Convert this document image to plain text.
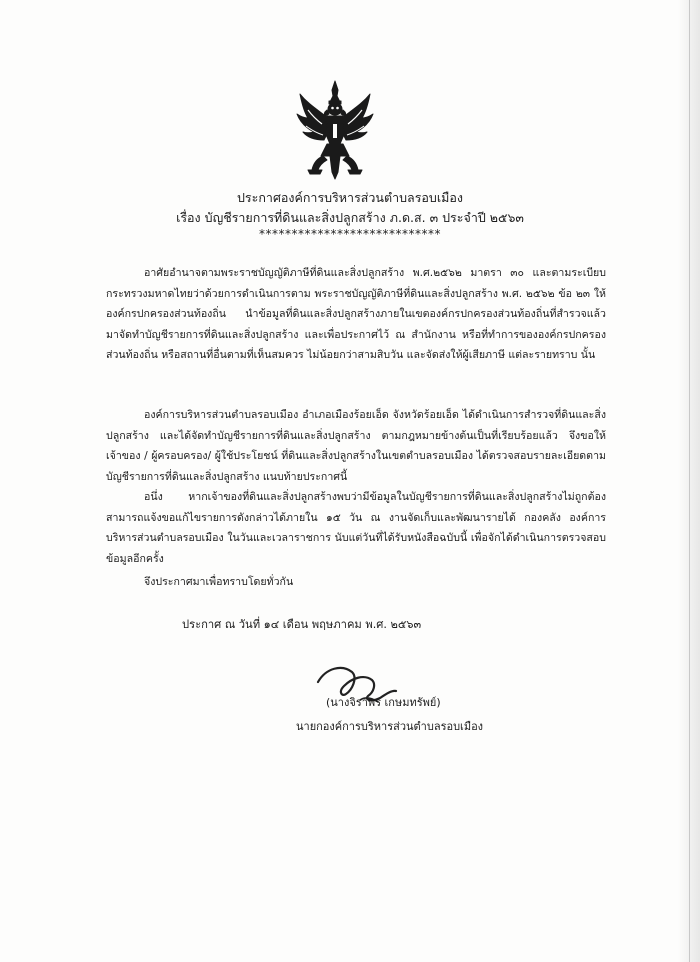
ประกาศองค์การบริหารส่วนตำบลรอบเมือง
เรื่อง บัญชีรายการที่ดินและสิ่งปลูกสร้าง ภ.ด.ส. ๓ ประจำปี ๒๕๖๓
****************************

อาศัยอำนาจตามพระราชบัญญัติภาษีที่ดินและสิ่งปลูกสร้าง พ.ศ.๒๕๖๒ มาตรา ๓๐ และตามระเบียบกระทรวงมหาดไทยว่าด้วยการดำเนินการตาม พระราชบัญญัติภาษีที่ดินและสิ่งปลูกสร้าง พ.ศ. ๒๕๖๒ ข้อ ๒๓ ให้องค์กรปกครองส่วนท้องถิ่น นำข้อมูลที่ดินและสิ่งปลูกสร้างภายในเขตองค์กรปกครองส่วนท้องถิ่นที่สำรวจแล้ว มาจัดทำบัญชีรายการที่ดินและสิ่งปลูกสร้าง และเพื่อประกาศไว้ ณ สำนักงาน หรือที่ทำการขององค์กรปกครองส่วนท้องถิ่น หรือสถานที่อื่นตามที่เห็นสมควร ไม่น้อยกว่าสามสิบวัน และจัดส่งให้ผู้เสียภาษี แต่ละรายทราบ นั้น

องค์การบริหารส่วนตำบลรอบเมือง อำเภอเมืองร้อยเอ็ด จังหวัดร้อยเอ็ด ได้ดำเนินการสำรวจที่ดินและสิ่งปลูกสร้าง และได้จัดทำบัญชีรายการที่ดินและสิ่งปลูกสร้าง ตามกฎหมายข้างต้นเป็นที่เรียบร้อยแล้ว จึงขอให้เจ้าของ / ผู้ครอบครอง/ ผู้ใช้ประโยชน์ ที่ดินและสิ่งปลูกสร้างในเขตตำบลรอบเมือง ได้ตรวจสอบรายละเอียดตามบัญชีรายการที่ดินและสิ่งปลูกสร้าง แนบท้ายประกาศนี้

อนึ่ง หากเจ้าของที่ดินและสิ่งปลูกสร้างพบว่ามีข้อมูลในบัญชีรายการที่ดินและสิ่งปลูกสร้างไม่ถูกต้อง สามารถแจ้งขอแก้ไขรายการดังกล่าวได้ภายใน ๑๕ วัน ณ งานจัดเก็บและพัฒนารายได้ กองคลัง องค์การบริหารส่วนตำบลรอบเมือง ในวันและเวลาราชการ นับแต่วันที่ได้รับหนังสือฉบับนี้ เพื่อจักได้ดำเนินการตรวจสอบข้อมูลอีกครั้ง

จึงประกาศมาเพื่อทราบโดยทั่วกัน

ประกาศ ณ วันที่ ๑๔ เดือน พฤษภาคม พ.ศ. ๒๕๖๓
(นางจิราพร เกษมทรัพย์)
นายกองค์การบริหารส่วนตำบลรอบเมือง
